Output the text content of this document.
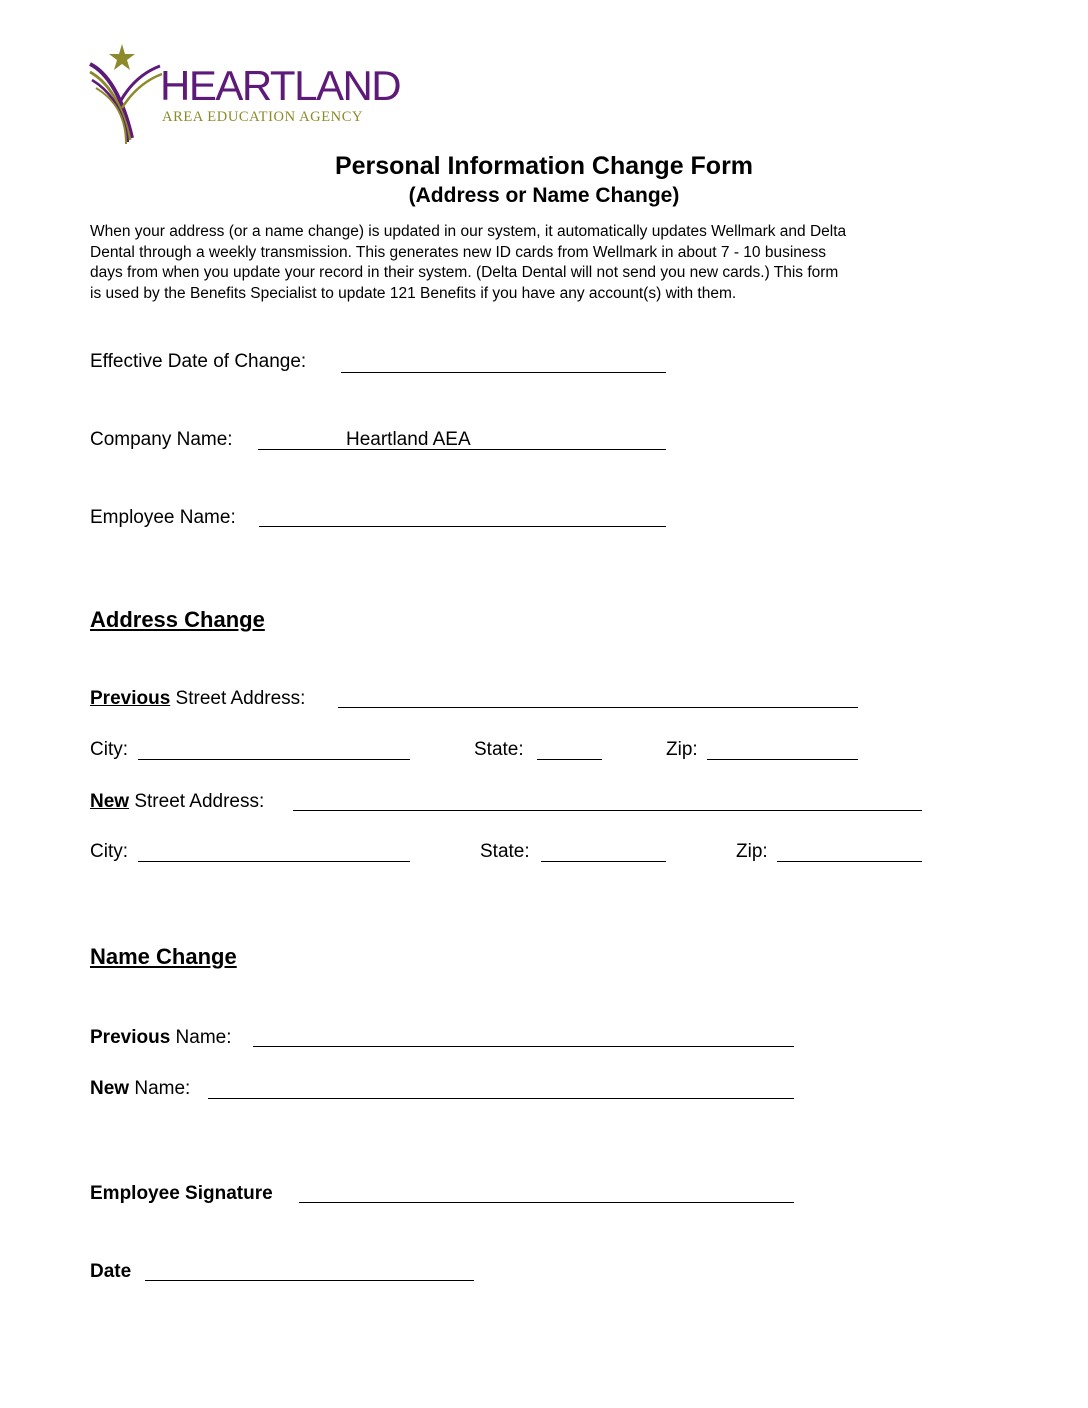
HEARTLAND
AREA EDUCATION AGENCY
Personal Information Change Form
(Address or Name Change)
When your address (or a name change) is updated in our system, it automatically updates Wellmark and Delta
Dental through a weekly transmission. This generates new ID cards from Wellmark in about 7 - 10 business
days from when you update your record in their system. (Delta Dental will not send you new cards.) This form
is used by the Benefits Specialist to update 121 Benefits if you have any account(s) with them.
Effective Date of Change:
Company Name:	Heartland AEA
Employee Name:
Address Change
Previous Street Address:
City:	State:	Zip:
New Street Address:
City:	State:	Zip:
Name Change
Previous Name:
New Name:
Employee Signature
Date
